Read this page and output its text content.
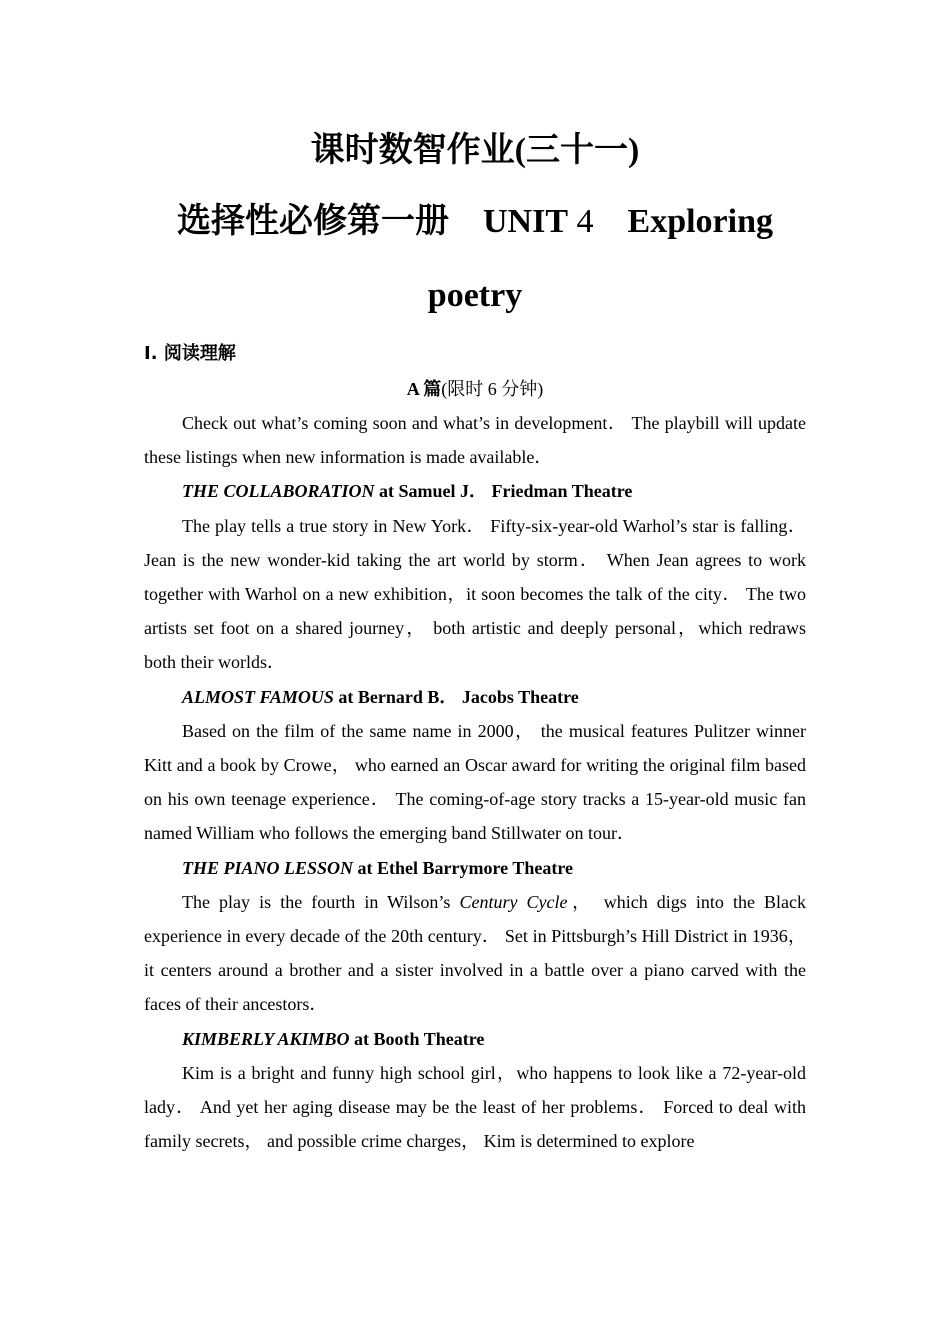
课时数智作业(三十一)
选择性必修第一册 UNIT 4 Exploring
poetry
Ⅰ. 阅读理解
A 篇(限时 6 分钟)

Check out what’s coming soon and what’s in development． The playbill will update these listings when new information is made available．

THE COLLABORATION at Samuel J． Friedman Theatre

The play tells a true story in New York． Fifty-six-year-old Warhol’s star is falling． Jean is the new wonder-kid taking the art world by storm． When Jean agrees to work together with Warhol on a new exhibition，it soon becomes the talk of the city． The two artists set foot on a shared journey， both artistic and deeply personal，which redraws both their worlds．

ALMOST FAMOUS at Bernard B． Jacobs Theatre

Based on the film of the same name in 2000， the musical features Pulitzer winner Kitt and a book by Crowe， who earned an Oscar award for writing the original film based on his own teenage experience． The coming-of-age story tracks a 15-year-old music fan named William who follows the emerging band Stillwater on tour．

THE PIANO LESSON at Ethel Barrymore Theatre

The play is the fourth in Wilson’s Century Cycle， which digs into the Black experience in every decade of the 20th century． Set in Pittsburgh’s Hill District in 1936，it centers around a brother and a sister involved in a battle over a piano carved with the faces of their ancestors．

KIMBERLY AKIMBO at Booth Theatre

Kim is a bright and funny high school girl，who happens to look like a 72-year-old lady． And yet her aging disease may be the least of her problems． Forced to deal with family secrets， and possible crime charges， Kim is determined to explore
